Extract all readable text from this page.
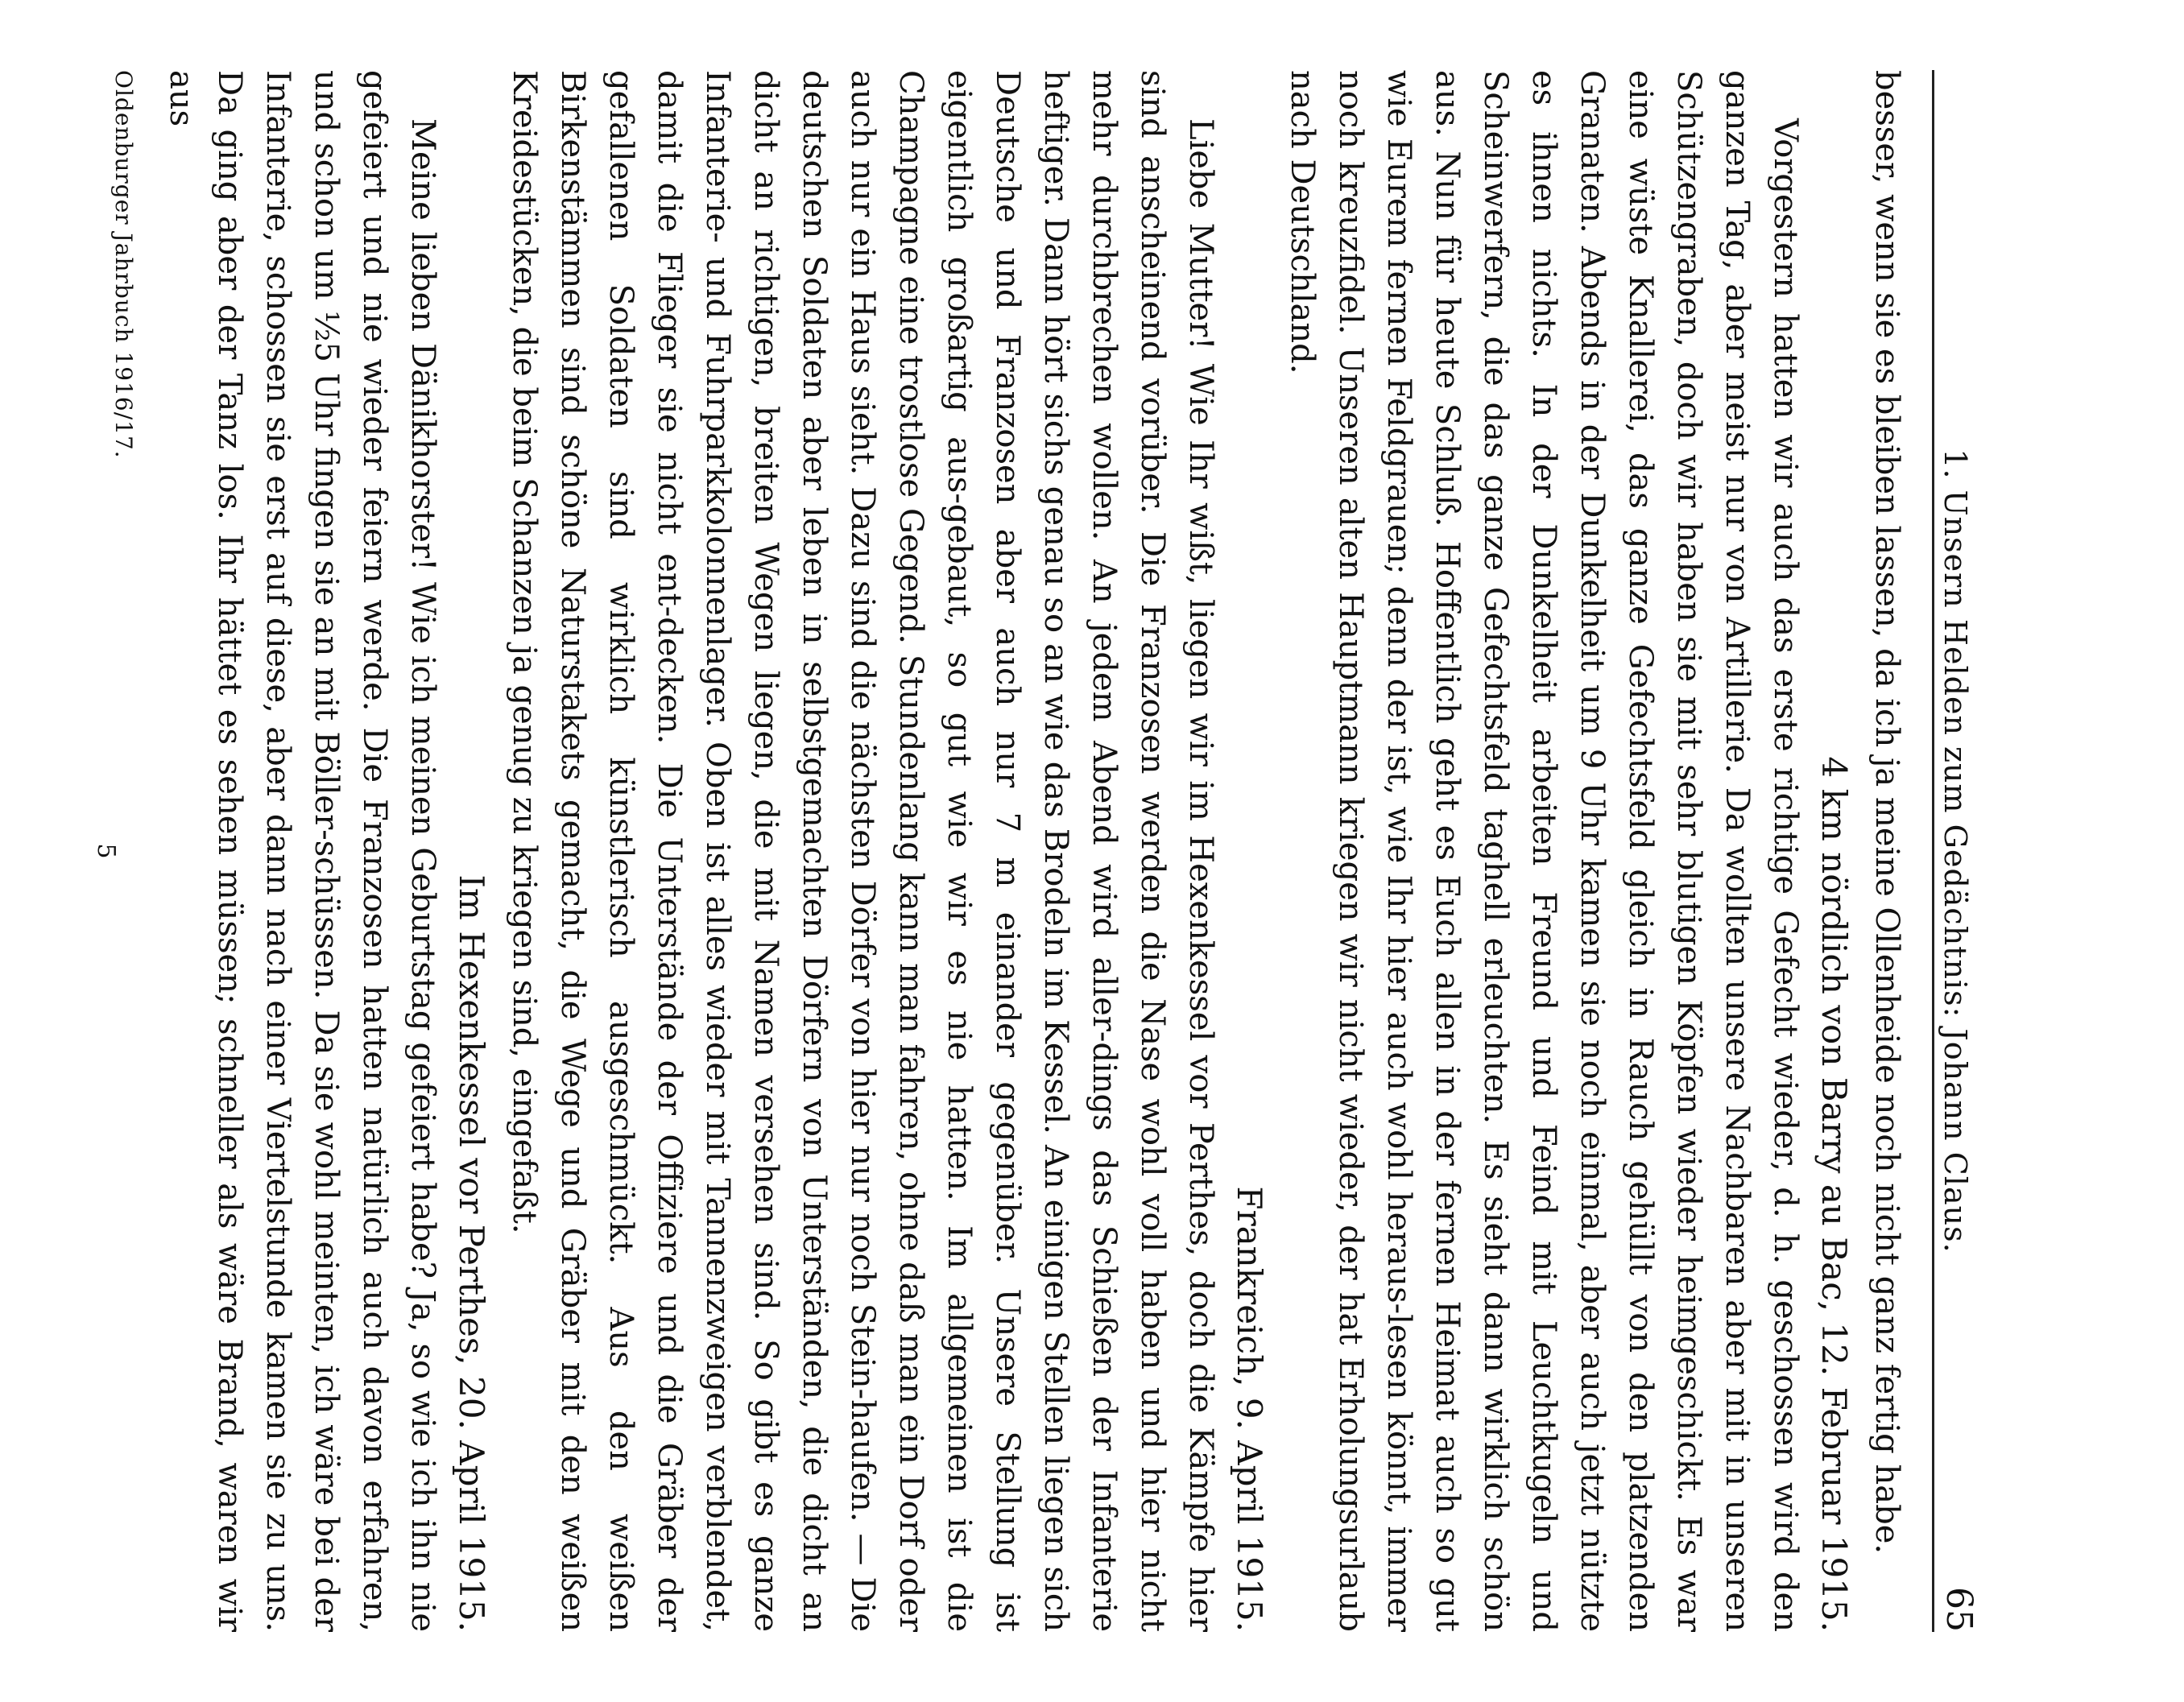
1. Unsern Helden zum Gedächtnis: Johann Claus.
65

besser, wenn sie es bleiben lassen, da ich ja meine Ollenheide noch nicht ganz fertig habe.

4 km nördlich von Barry au Bac, 12. Februar 1915.

Vorgestern hatten wir auch das erste richtige Gefecht wieder, d. h. geschossen wird den ganzen Tag, aber meist nur von Artillerie. Da wollten unsere Nachbaren aber mit in unseren Schützengraben, doch wir haben sie mit sehr blutigen Köpfen wieder heimgeschickt. Es war eine wüste Knallerei, das ganze Gefechtsfeld gleich in Rauch gehüllt von den platzenden Granaten. Abends in der Dunkelheit um 9 Uhr kamen sie noch einmal, aber auch jetzt nützte es ihnen nichts. In der Dunkelheit arbeiten Freund und Feind mit Leuchtkugeln und Scheinwerfern, die das ganze Gefechtsfeld taghell erleuchten. Es sieht dann wirklich schön aus. Nun für heute Schluß. Hoffentlich geht es Euch allen in der fernen Heimat auch so gut wie Eurem fernen Feldgrauen; denn der ist, wie Ihr hier auch wohl heraus-lesen könnt, immer noch kreuzfidel. Unseren alten Hauptmann kriegen wir nicht wieder, der hat Erholungsurlaub nach Deutschland.

Frankreich, 9. April 1915.

Liebe Mutter! Wie Ihr wißt, liegen wir im Hexenkessel vor Perthes, doch die Kämpfe hier sind anscheinend vorüber. Die Franzosen werden die Nase wohl voll haben und hier nicht mehr durchbrechen wollen. An jedem Abend wird aller-dings das Schießen der Infanterie heftiger. Dann hört sichs genau so an wie das Brodeln im Kessel. An einigen Stellen liegen sich Deutsche und Franzosen aber auch nur 7 m einander gegenüber. Unsere Stellung ist eigentlich großartig aus-gebaut, so gut wie wir es nie hatten. Im allgemeinen ist die Champagne eine trostlose Gegend. Stundenlang kann man fahren, ohne daß man ein Dorf oder auch nur ein Haus sieht. Dazu sind die nächsten Dörfer von hier nur noch Stein-haufen. — Die deutschen Soldaten aber leben in selbstgemachten Dörfern von Unterständen, die dicht an dicht an richtigen, breiten Wegen liegen, die mit Namen versehen sind. So gibt es ganze Infanterie- und Fuhrparkkolonnenlager. Oben ist alles wieder mit Tannenzweigen verblendet, damit die Flieger sie nicht ent-decken. Die Unterstände der Offiziere und die Gräber der gefallenen Soldaten sind wirklich künstlerisch ausgeschmückt. Aus den weißen Birkenstämmen sind schöne Naturstakets gemacht, die Wege und Gräber mit den weißen Kreidestücken, die beim Schanzen ja genug zu kriegen sind, eingefaßt.

Im Hexenkessel vor Perthes, 20. April 1915.

Meine lieben Dänikhorster! Wie ich meinen Geburtstag gefeiert habe? Ja, so wie ich ihn nie gefeiert und nie wieder feiern werde. Die Franzosen hatten natürlich auch davon erfahren, und schon um ½5 Uhr fingen sie an mit Böller-schüssen. Da sie wohl meinten, ich wäre bei der Infanterie, schossen sie erst auf diese, aber dann nach einer Viertelstunde kamen sie zu uns. Da ging aber der Tanz los. Ihr hättet es sehen müssen; schneller als wäre Brand, waren wir aus

Oldenburger Jahrbuch 1916/17.
5
